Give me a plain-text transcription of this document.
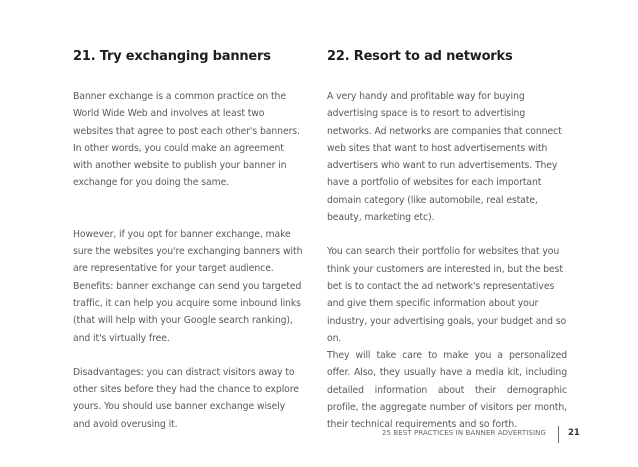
21. Try exchanging banners

Banner exchange is a common practice on the World Wide Web and involves at least two websites that agree to post each other's banners. In other words, you could make an agreement with another website to publish your banner in exchange for you doing the same.

However, if you opt for banner exchange, make sure the websites you're exchanging banners with are representative for your target audience. Benefits: banner exchange can send you targeted traffic, it can help you acquire some inbound links (that will help with your Google search ranking), and it's virtually free.

Disadvantages: you can distract visitors away to other sites before they had the chance to explore yours. You should use banner exchange wisely and avoid overusing it.

22. Resort to ad networks

A very handy and profitable way for buying advertising space is to resort to advertising networks. Ad networks are companies that connect web sites that want to host advertisements with advertisers who want to run advertisements. They have a portfolio of websites for each important domain category (like automobile, real estate, beauty, marketing etc).

You can search their portfolio for websites that you think your customers are interested in, but the best bet is to contact the ad network's representatives and give them specific information about your industry, your advertising goals, your budget and so on.

They will take care to make you a personalized offer. Also, they usually have a media kit, including detailed information about their demographic profile, the aggregate number of visitors per month, their technical requirements and so forth.

25 BEST PRACTICES IN BANNER ADVERTISING	21
